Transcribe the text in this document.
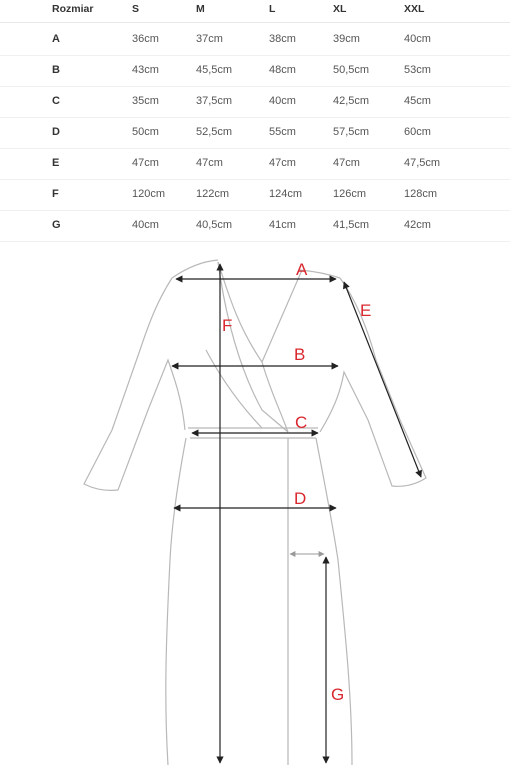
Rozmiar	S	M	L	XL	XXL
A	36cm	37cm	38cm	39cm	40cm
B	43cm	45,5cm	48cm	50,5cm	53cm
C	35cm	37,5cm	40cm	42,5cm	45cm
D	50cm	52,5cm	55cm	57,5cm	60cm
E	47cm	47cm	47cm	47cm	47,5cm
F	120cm	122cm	124cm	126cm	128cm
G	40cm	40,5cm	41cm	41,5cm	42cm
A
F
E
B
C
D
G
